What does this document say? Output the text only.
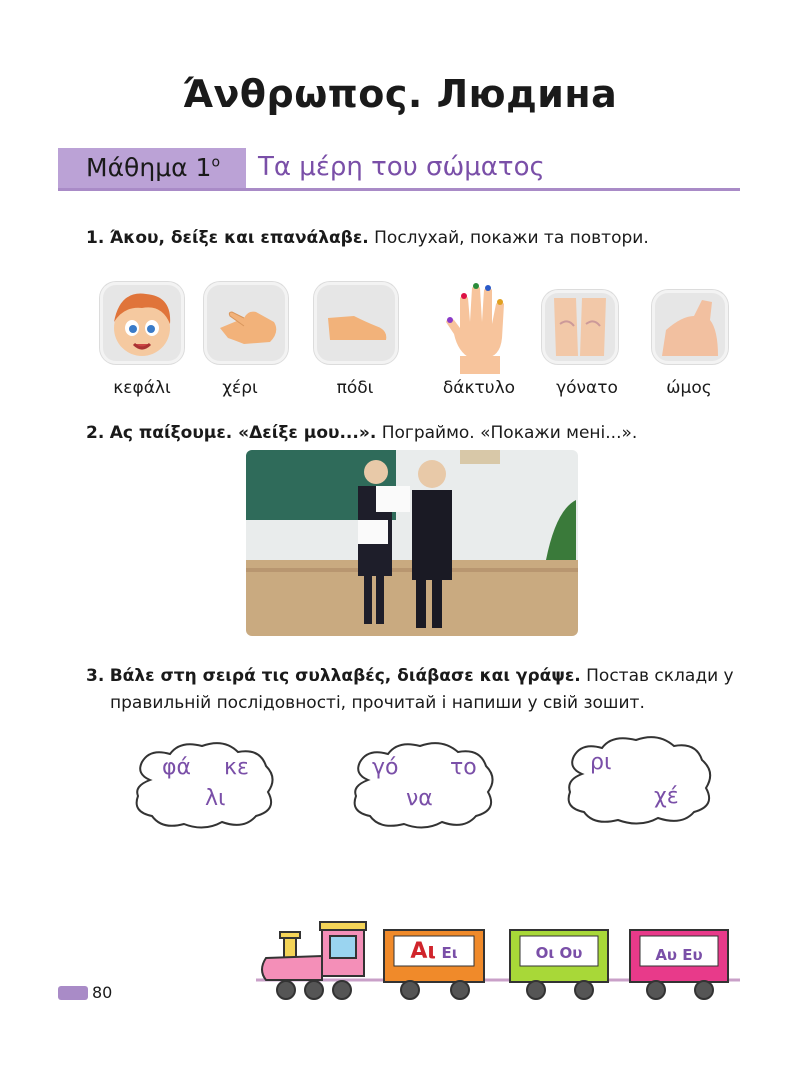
Άνθρωπος. Людина
Μάθημα $1^o$ Τα μέρη του σώματος
1. Άκου, δείξε και επανάλαβε. Послухай, покажи та повтори.
κεφάλι	χέρι	πόδι	δάκτυλο	γόνατο	ώμος
2. Ας παίξουμε. «Δείξε μου...». Пограймо. «Покажи мені...».
3. Βάλε στη σειρά τις συλλαβές, διάβασε και γράψε. Постав склади у
правильній послідовності, прочитай і напиши у свій зошит.
φά κε
λι
γό το
να
ρι
χέ
Αι Ει	Οι Ου	Αυ Ευ
80
